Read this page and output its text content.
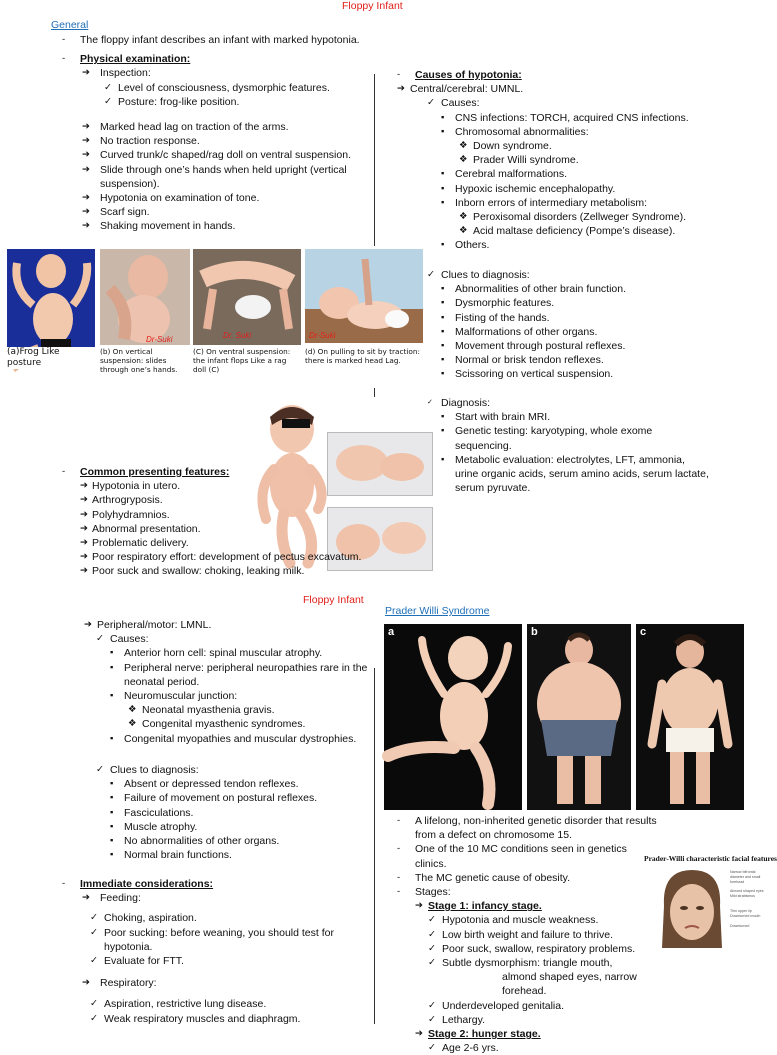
Floppy Infant
General
-	The floppy infant describes an infant with marked hypotonia.
-	Physical examination:
➔ Inspection:
✓ Level of consciousness, dysmorphic features.
✓ Posture: frog-like position.
➔ Marked head lag on traction of the arms.
➔ No traction response.
➔ Curved trunk/c shaped/rag doll on ventral suspension.
➔ Slide through one’s hands when held upright (vertical suspension).
➔ Hypotonia on examination of tone.
➔ Scarf sign.
➔ Shaking movement in hands.
-	Causes of hypotonia:
➔ Central/cerebral: UMNL.
✓ Causes:
▪	CNS infections: TORCH, acquired CNS infections.
▪	Chromosomal abnormalities:
❖ Down syndrome.
❖ Prader Willi syndrome.
▪	Cerebral malformations.
▪	Hypoxic ischemic encephalopathy.
▪	Inborn errors of intermediary metabolism:
❖ Peroxisomal disorders (Zellweger Syndrome).
❖ Acid maltase deficiency (Pompe’s disease).
▪	Others.
✓ Clues to diagnosis:
▪	Abnormalities of other brain function.
▪	Dysmorphic features.
▪	Fisting of the hands.
▪	Malformations of other organs.
▪	Movement through postural reflexes.
▪	Normal or brisk tendon reflexes.
▪	Scissoring on vertical suspension.
✓ Diagnosis:
▪	Start with brain MRI.
▪	Genetic testing: karyotyping, whole exome sequencing.
▪	Metabolic evaluation: electrolytes, LFT, ammonia, urine organic acids, serum amino acids, serum lactate, serum pyruvate.
(a)Frog Like posture
Dr-Suki
(b) On vertical suspension: slides through one’s hands.
Dr. Suki
(C) On ventral suspension: the infant flops Like a rag doll (C)
Dr-Suki
(d) On pulling to sit by traction: there is marked head Lag.
-	Common presenting features:
➔ Hypotonia in utero.
➔ Arthrogryposis.
➔ Polyhydramnios.
➔ Abnormal presentation.
➔ Problematic delivery.
➔ Poor respiratory effort: development of pectus excavatum.
➔ Poor suck and swallow: choking, leaking milk.
Floppy Infant
Prader Willi Syndrome
➔ Peripheral/motor: LMNL.
✓ Causes:
▪	Anterior horn cell: spinal muscular atrophy.
▪	Peripheral nerve: peripheral neuropathies rare in the neonatal period.
▪	Neuromuscular junction:
❖ Neonatal myasthenia gravis.
❖ Congenital myasthenic syndromes.
▪	Congenital myopathies and muscular dystrophies.
✓ Clues to diagnosis:
▪	Absent or depressed tendon reflexes.
▪	Failure of movement on postural reflexes.
▪	Fasciculations.
▪	Muscle atrophy.
▪	No abnormalities of other organs.
▪	Normal brain functions.
-	Immediate considerations:
➔ Feeding:
✓ Choking, aspiration.
✓ Poor sucking: before weaning, you should test for hypotonia.
✓ Evaluate for FTT.
➔ Respiratory:
✓ Aspiration, restrictive lung disease.
✓ Weak respiratory muscles and diaphragm.
a	b	c
Prader-Willi characteristic facial features
Narrow bifrontal diameter and small forehead
Almond shaped eyes Mild strabismus
Thin upper lip Downturned mouth
Downturned
-	A lifelong, non-inherited genetic disorder that results from a defect on chromosome 15.
-	One of the 10 MC conditions seen in genetics clinics.
-	The MC genetic cause of obesity.
-	Stages:
➔ Stage 1: infancy stage.
✓ Hypotonia and muscle weakness.
✓ Low birth weight and failure to thrive.
✓ Poor suck, swallow, respiratory problems.
✓ Subtle dysmorphism: triangle mouth,
almond shaped eyes, narrow forehead.
✓ Underdeveloped genitalia.
✓ Lethargy.
➔ Stage 2: hunger stage.
✓ Age 2-6 yrs.
